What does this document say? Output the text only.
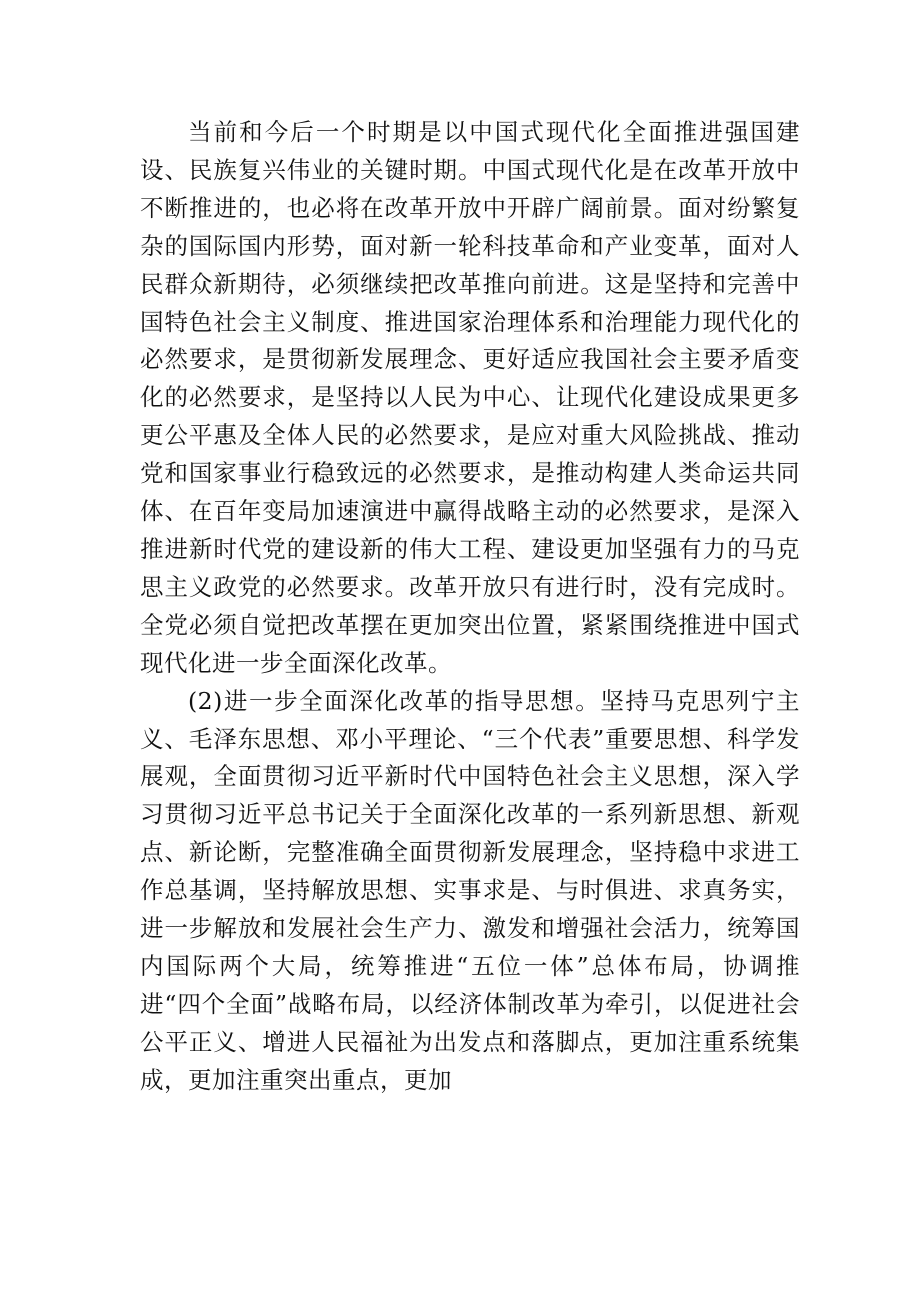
当前和今后一个时期是以中国式现代化全面推进强国建设、民族复兴伟业的关键时期。中国式现代化是在改革开放中不断推进的，也必将在改革开放中开辟广阔前景。面对纷繁复杂的国际国内形势，面对新一轮科技革命和产业变革，面对人民群众新期待，必须继续把改革推向前进。这是坚持和完善中国特色社会主义制度、推进国家治理体系和治理能力现代化的必然要求，是贯彻新发展理念、更好适应我国社会主要矛盾变化的必然要求，是坚持以人民为中心、让现代化建设成果更多更公平惠及全体人民的必然要求，是应对重大风险挑战、推动党和国家事业行稳致远的必然要求，是推动构建人类命运共同体、在百年变局加速演进中赢得战略主动的必然要求，是深入推进新时代党的建设新的伟大工程、建设更加坚强有力的马克思主义政党的必然要求。改革开放只有进行时，没有完成时。全党必须自觉把改革摆在更加突出位置，紧紧围绕推进中国式现代化进一步全面深化改革。

(2)进一步全面深化改革的指导思想。坚持马克思列宁主义、毛泽东思想、邓小平理论、“三个代表”重要思想、科学发展观，全面贯彻习近平新时代中国特色社会主义思想，深入学习贯彻习近平总书记关于全面深化改革的一系列新思想、新观点、新论断，完整准确全面贯彻新发展理念，坚持稳中求进工作总基调，坚持解放思想、实事求是、与时俱进、求真务实，进一步解放和发展社会生产力、激发和增强社会活力，统筹国内国际两个大局，统筹推进“五位一体”总体布局，协调推进“四个全面”战略布局，以经济体制改革为牵引，以促进社会公平正义、增进人民福祉为出发点和落脚点，更加注重系统集成，更加注重突出重点，更加
